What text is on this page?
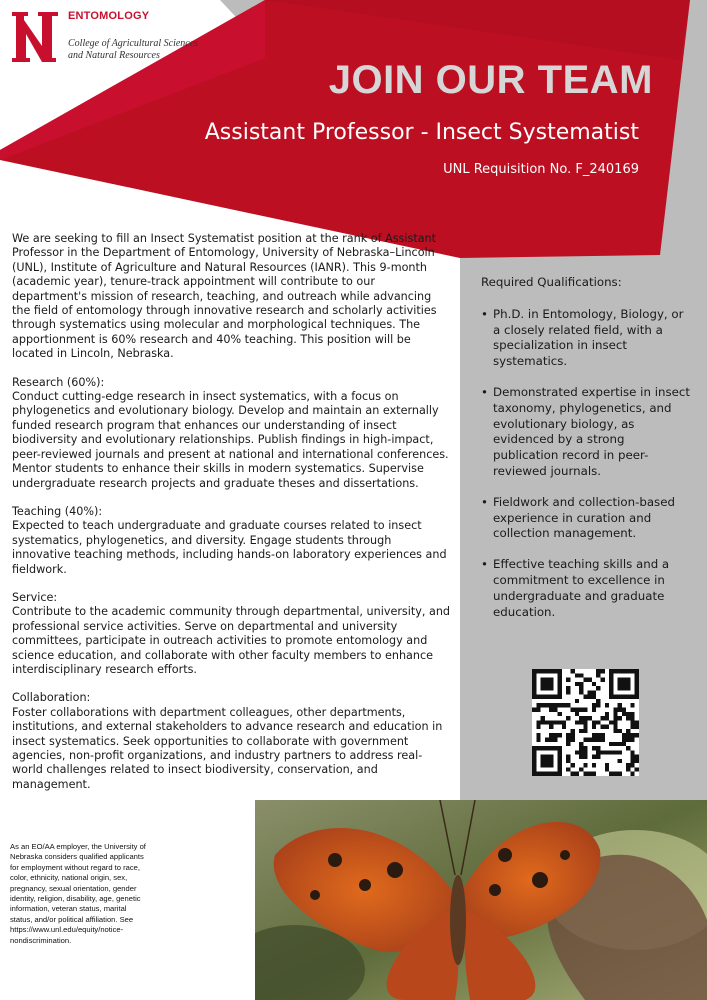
ENTOMOLOGY
College of Agricultural Sciences
and Natural Resources
JOIN OUR TEAM
Assistant Professor - Insect Systematist
UNL Requisition No. F_240169

We are seeking to fill an Insect Systematist position at the rank of Assistant Professor in the Department of Entomology, University of Nebraska–Lincoln (UNL), Institute of Agriculture and Natural Resources (IANR). This 9-month (academic year), tenure-track appointment will contribute to our department's mission of research, teaching, and outreach while advancing the field of entomology through innovative research and scholarly activities through systematics using molecular and morphological techniques. The apportionment is 60% research and 40% teaching. This position will be located in Lincoln, Nebraska.

Research (60%):
Conduct cutting-edge research in insect systematics, with a focus on phylogenetics and evolutionary biology. Develop and maintain an externally funded research program that enhances our understanding of insect biodiversity and evolutionary relationships. Publish findings in high-impact, peer-reviewed journals and present at national and international conferences. Mentor students to enhance their skills in modern systematics. Supervise undergraduate research projects and graduate theses and dissertations.

Teaching (40%):
Expected to teach undergraduate and graduate courses related to insect systematics, phylogenetics, and diversity. Engage students through innovative teaching methods, including hands-on laboratory experiences and fieldwork.

Service:
Contribute to the academic community through departmental, university, and professional service activities. Serve on departmental and university committees, participate in outreach activities to promote entomology and science education, and collaborate with other faculty members to enhance interdisciplinary research efforts.

Collaboration:
Foster collaborations with department colleagues, other departments, institutions, and external stakeholders to advance research and education in insect systematics. Seek opportunities to collaborate with government agencies, non-profit organizations, and industry partners to address real-world challenges related to insect biodiversity, conservation, and management.

Required Qualifications:
• Ph.D. in Entomology, Biology, or a closely related field, with a specialization in insect systematics.
• Demonstrated expertise in insect taxonomy, phylogenetics, and evolutionary biology, as evidenced by a strong publication record in peer-reviewed journals.
• Fieldwork and collection-based experience in curation and collection management.
• Effective teaching skills and a commitment to excellence in undergraduate and graduate education.
As an EO/AA employer, the University of Nebraska considers qualified applicants for employment without regard to race, color, ethnicity, national origin, sex, pregnancy, sexual orientation, gender identity, religion, disability, age, genetic information, veteran status, marital status, and/or political affiliation. See https://www.unl.edu/equity/notice-nondiscrimination.
